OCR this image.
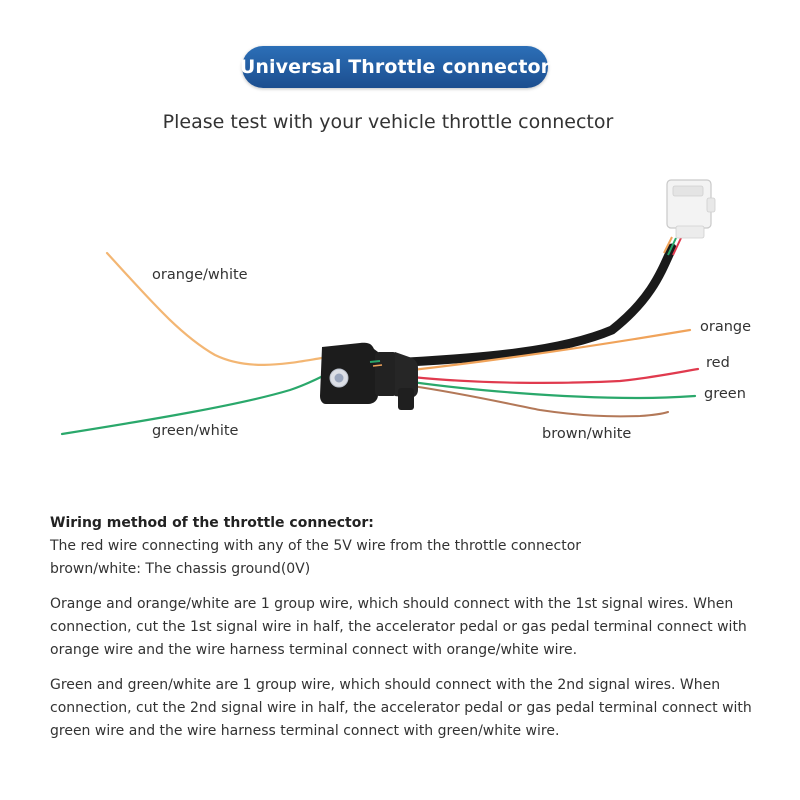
Universal Throttle connector
Please test with your vehicle throttle connector
orange/white
green/white
orange
red
green
brown/white

Wiring method of the throttle connector:

The red wire connecting with any of the 5V wire from the throttle connector

brown/white: The chassis ground(0V)

Orange and orange/white are 1 group wire, which should connect with the 1st signal wires. When connection, cut the 1st signal wire in half, the accelerator pedal or gas pedal terminal connect with orange wire and the wire harness terminal connect with orange/white wire.

Green and green/white are 1 group wire, which should connect with the 2nd signal wires. When connection, cut the 2nd signal wire in half, the accelerator pedal or gas pedal terminal connect with green wire and the wire harness terminal connect with green/white wire.
